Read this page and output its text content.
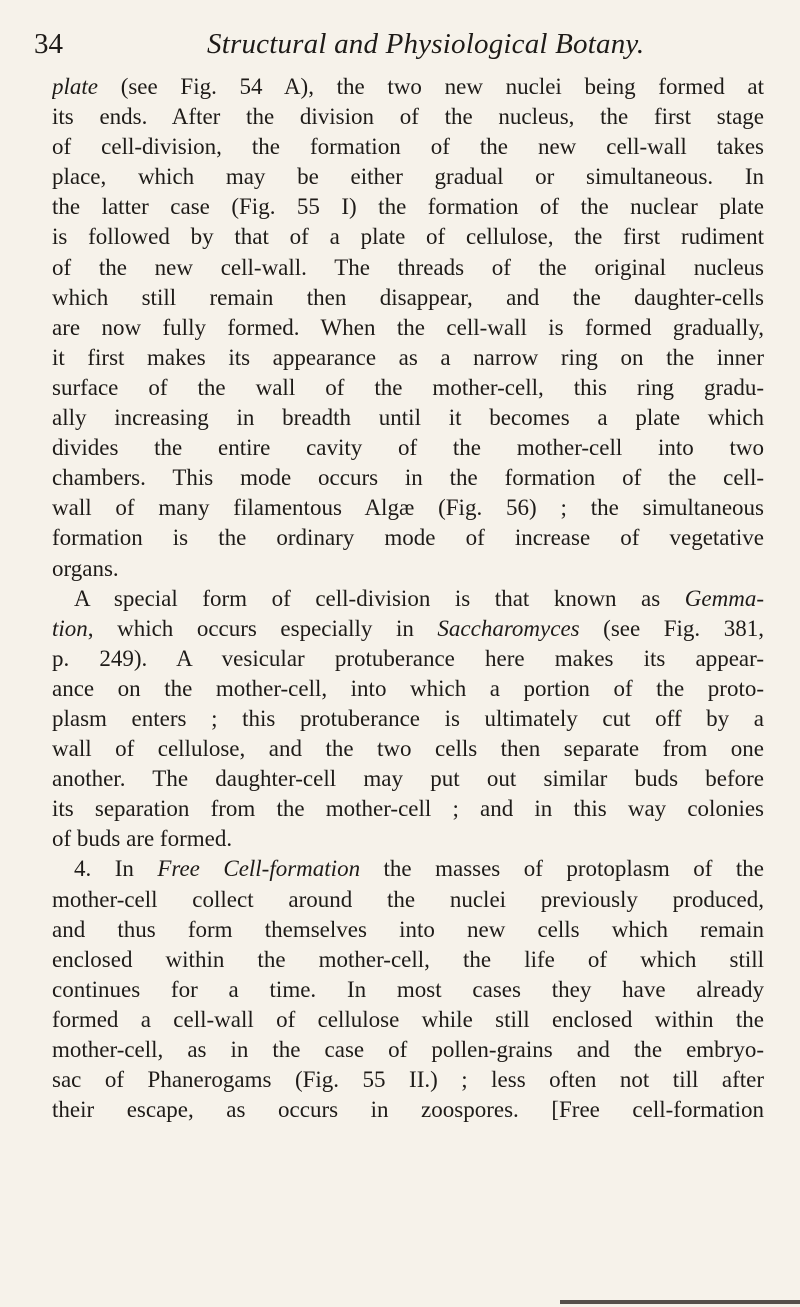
34	Structural and Physiological Botany.
plate (see Fig. 54 A), the two new nuclei being formed at
its ends. After the division of the nucleus, the first stage
of cell-division, the formation of the new cell-wall takes
place, which may be either gradual or simultaneous. In
the latter case (Fig. 55 I) the formation of the nuclear plate
is followed by that of a plate of cellulose, the first rudiment
of the new cell-wall. The threads of the original nucleus
which still remain then disappear, and the daughter-cells
are now fully formed. When the cell-wall is formed gradually,
it first makes its appearance as a narrow ring on the inner
surface of the wall of the mother-cell, this ring gradu-
ally increasing in breadth until it becomes a plate which
divides the entire cavity of the mother-cell into two
chambers. This mode occurs in the formation of the cell-
wall of many filamentous Algæ (Fig. 56) ; the simultaneous
formation is the ordinary mode of increase of vegetative
organs.
A special form of cell-division is that known as Gemma-
tion, which occurs especially in Saccharomyces (see Fig. 381,
p. 249). A vesicular protuberance here makes its appear-
ance on the mother-cell, into which a portion of the proto-
plasm enters ; this protuberance is ultimately cut off by a
wall of cellulose, and the two cells then separate from one
another. The daughter-cell may put out similar buds before
its separation from the mother-cell ; and in this way colonies
of buds are formed.
4. In Free Cell-formation the masses of protoplasm of the
mother-cell collect around the nuclei previously produced,
and thus form themselves into new cells which remain
enclosed within the mother-cell, the life of which still
continues for a time. In most cases they have already
formed a cell-wall of cellulose while still enclosed within the
mother-cell, as in the case of pollen-grains and the embryo-
sac of Phanerogams (Fig. 55 II.) ; less often not till after
their escape, as occurs in zoospores. [Free cell-formation
